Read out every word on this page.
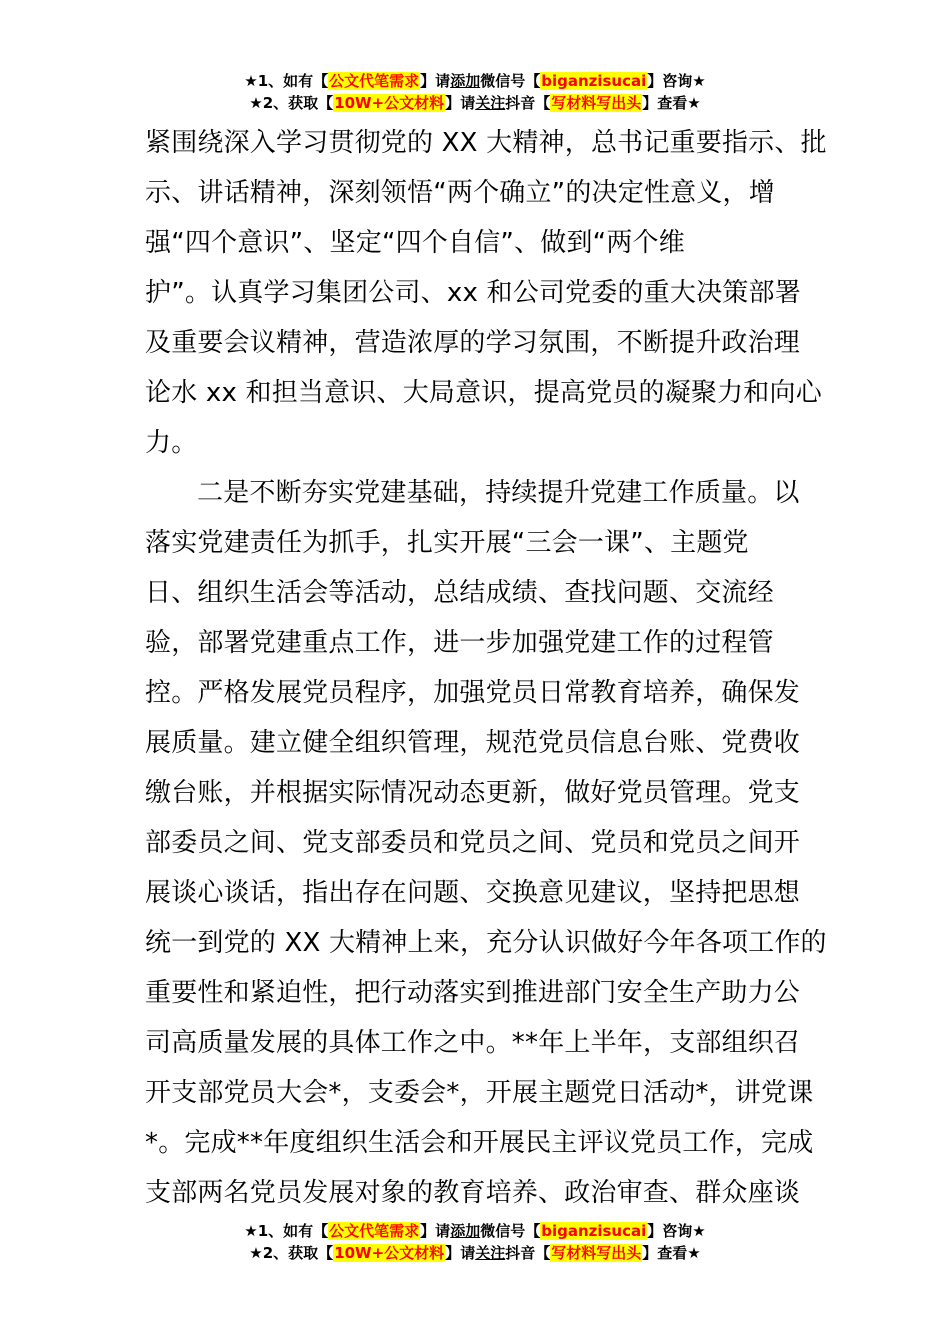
★1、如有【公文代笔需求】请添加微信号【biganzisucai】咨询★
★2、获取【10W+公文材料】请关注抖音【写材料写出头】查看★
紧围绕深入学习贯彻党的 XX 大精神，总书记重要指示、批
示、讲话精神，深刻领悟“两个确立”的决定性意义，增
强“四个意识”、坚定“四个自信”、做到“两个维
护”。认真学习集团公司、xx 和公司党委的重大决策部署
及重要会议精神，营造浓厚的学习氛围，不断提升政治理
论水 xx 和担当意识、大局意识，提高党员的凝聚力和向心
力。
二是不断夯实党建基础，持续提升党建工作质量。以
落实党建责任为抓手，扎实开展“三会一课”、主题党
日、组织生活会等活动，总结成绩、查找问题、交流经
验，部署党建重点工作，进一步加强党建工作的过程管
控。严格发展党员程序，加强党员日常教育培养，确保发
展质量。建立健全组织管理，规范党员信息台账、党费收
缴台账，并根据实际情况动态更新，做好党员管理。党支
部委员之间、党支部委员和党员之间、党员和党员之间开
展谈心谈话，指出存在问题、交换意见建议，坚持把思想
统一到党的 XX 大精神上来，充分认识做好今年各项工作的
重要性和紧迫性，把行动落实到推进部门安全生产助力公
司高质量发展的具体工作之中。**年上半年，支部组织召
开支部党员大会*，支委会*，开展主题党日活动*，讲党课
*。完成**年度组织生活会和开展民主评议党员工作，完成
支部两名党员发展对象的教育培养、政治审查、群众座谈
★1、如有【公文代笔需求】请添加微信号【biganzisucai】咨询★
★2、获取【10W+公文材料】请关注抖音【写材料写出头】查看★
